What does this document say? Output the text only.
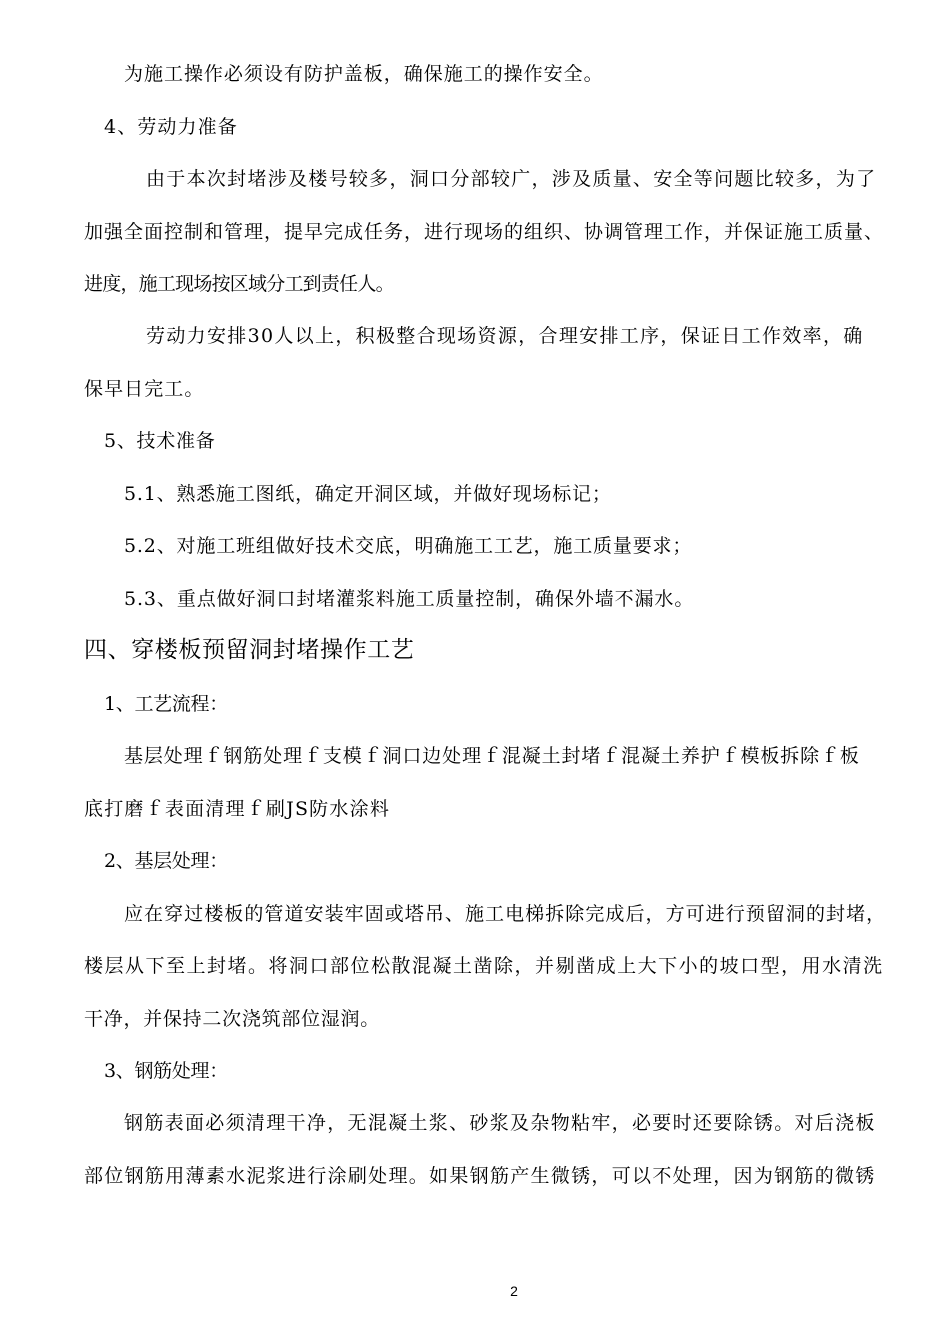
为施工操作必须设有防护盖板，确保施工的操作安全。
4、劳动力准备
由于本次封堵涉及楼号较多，洞口分部较广，涉及质量、安全等问题比较多，为了
加强全面控制和管理，提早完成任务，进行现场的组织、协调管理工作，并保证施工质量、
进度，施工现场按区域分工到责任人。
劳动力安排30人以上，积极整合现场资源，合理安排工序，保证日工作效率，确
保早日完工。
5、技术准备
5.1、熟悉施工图纸，确定开洞区域，并做好现场标记；
5.2、对施工班组做好技术交底，明确施工工艺，施工质量要求；
5.3、重点做好洞口封堵灌浆料施工质量控制，确保外墙不漏水。
四、穿楼板预留洞封堵操作工艺
1、工艺流程：
基层处理ｆ钢筋处理ｆ支模ｆ洞口边处理ｆ混凝土封堵ｆ混凝土养护ｆ模板拆除ｆ板
底打磨ｆ表面清理ｆ刷JS防水涂料
2、基层处理：
应在穿过楼板的管道安装牢固或塔吊、施工电梯拆除完成后，方可进行预留洞的封堵，
楼层从下至上封堵。将洞口部位松散混凝土凿除，并剔凿成上大下小的坡口型，用水清洗
干净，并保持二次浇筑部位湿润。
3、钢筋处理：
钢筋表面必须清理干净，无混凝土浆、砂浆及杂物粘牢，必要时还要除锈。对后浇板
部位钢筋用薄素水泥浆进行涂刷处理。如果钢筋产生微锈，可以不处理，因为钢筋的微锈
2
